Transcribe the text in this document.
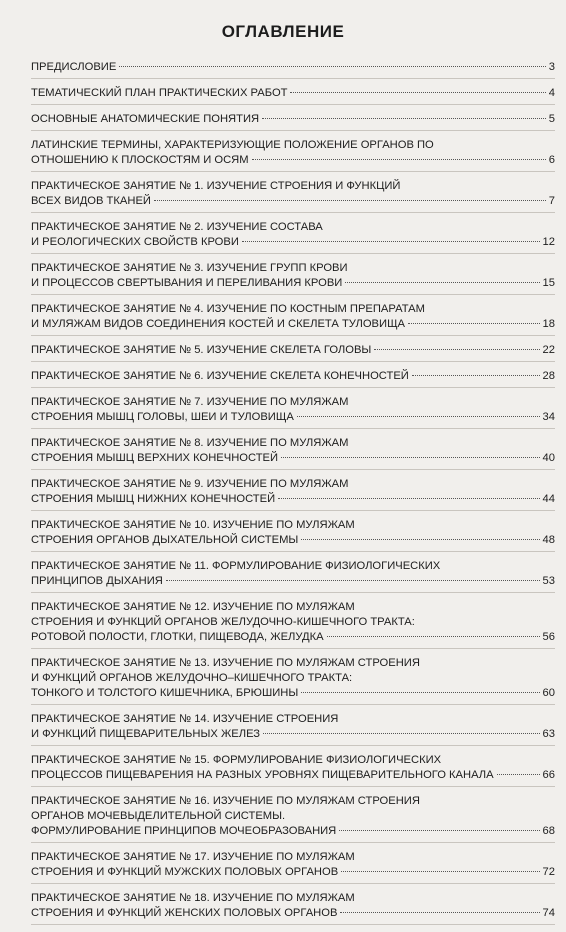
ОГЛАВЛЕНИЕ
ПРЕДИСЛОВИЕ	3
ТЕМАТИЧЕСКИЙ ПЛАН ПРАКТИЧЕСКИХ РАБОТ	4
ОСНОВНЫЕ АНАТОМИЧЕСКИЕ ПОНЯТИЯ	5
ЛАТИНСКИЕ ТЕРМИНЫ, ХАРАКТЕРИЗУЮЩИЕ ПОЛОЖЕНИЕ ОРГАНОВ ПО
ОТНОШЕНИЮ К ПЛОСКОСТЯМ И ОСЯМ	6
ПРАКТИЧЕСКОЕ ЗАНЯТИЕ № 1. ИЗУЧЕНИЕ СТРОЕНИЯ И ФУНКЦИЙ
ВСЕХ ВИДОВ ТКАНЕЙ	7
ПРАКТИЧЕСКОЕ ЗАНЯТИЕ № 2. ИЗУЧЕНИЕ СОСТАВА
И РЕОЛОГИЧЕСКИХ СВОЙСТВ КРОВИ	12
ПРАКТИЧЕСКОЕ ЗАНЯТИЕ № 3. ИЗУЧЕНИЕ ГРУПП КРОВИ
И ПРОЦЕССОВ СВЕРТЫВАНИЯ И ПЕРЕЛИВАНИЯ КРОВИ	15
ПРАКТИЧЕСКОЕ ЗАНЯТИЕ № 4. ИЗУЧЕНИЕ ПО КОСТНЫМ ПРЕПАРАТАМ
И МУЛЯЖАМ ВИДОВ СОЕДИНЕНИЯ КОСТЕЙ И СКЕЛЕТА ТУЛОВИЩА	18
ПРАКТИЧЕСКОЕ ЗАНЯТИЕ № 5. ИЗУЧЕНИЕ СКЕЛЕТА ГОЛОВЫ	22
ПРАКТИЧЕСКОЕ ЗАНЯТИЕ № 6. ИЗУЧЕНИЕ СКЕЛЕТА КОНЕЧНОСТЕЙ	28
ПРАКТИЧЕСКОЕ ЗАНЯТИЕ № 7. ИЗУЧЕНИЕ ПО МУЛЯЖАМ
СТРОЕНИЯ МЫШЦ ГОЛОВЫ, ШЕИ И ТУЛОВИЩА	34
ПРАКТИЧЕСКОЕ ЗАНЯТИЕ № 8. ИЗУЧЕНИЕ ПО МУЛЯЖАМ
СТРОЕНИЯ МЫШЦ ВЕРХНИХ КОНЕЧНОСТЕЙ	40
ПРАКТИЧЕСКОЕ ЗАНЯТИЕ № 9. ИЗУЧЕНИЕ ПО МУЛЯЖАМ
СТРОЕНИЯ МЫШЦ НИЖНИХ КОНЕЧНОСТЕЙ	44
ПРАКТИЧЕСКОЕ ЗАНЯТИЕ № 10. ИЗУЧЕНИЕ ПО МУЛЯЖАМ
СТРОЕНИЯ ОРГАНОВ ДЫХАТЕЛЬНОЙ СИСТЕМЫ	48
ПРАКТИЧЕСКОЕ ЗАНЯТИЕ № 11. ФОРМУЛИРОВАНИЕ ФИЗИОЛОГИЧЕСКИХ
ПРИНЦИПОВ ДЫХАНИЯ	53
ПРАКТИЧЕСКОЕ ЗАНЯТИЕ № 12. ИЗУЧЕНИЕ ПО МУЛЯЖАМ
СТРОЕНИЯ И ФУНКЦИЙ ОРГАНОВ ЖЕЛУДОЧНО-КИШЕЧНОГО ТРАКТА:
РОТОВОЙ ПОЛОСТИ, ГЛОТКИ, ПИЩЕВОДА, ЖЕЛУДКА	56
ПРАКТИЧЕСКОЕ ЗАНЯТИЕ № 13. ИЗУЧЕНИЕ ПО МУЛЯЖАМ СТРОЕНИЯ
И ФУНКЦИЙ ОРГАНОВ ЖЕЛУДОЧНО–КИШЕЧНОГО ТРАКТА:
ТОНКОГО И ТОЛСТОГО КИШЕЧНИКА, БРЮШИНЫ	60
ПРАКТИЧЕСКОЕ ЗАНЯТИЕ № 14. ИЗУЧЕНИЕ СТРОЕНИЯ
И ФУНКЦИЙ ПИЩЕВАРИТЕЛЬНЫХ ЖЕЛЕЗ	63
ПРАКТИЧЕСКОЕ ЗАНЯТИЕ № 15. ФОРМУЛИРОВАНИЕ ФИЗИОЛОГИЧЕСКИХ
ПРОЦЕССОВ ПИЩЕВАРЕНИЯ НА РАЗНЫХ УРОВНЯХ ПИЩЕВАРИТЕЛЬНОГО КАНАЛА	66
ПРАКТИЧЕСКОЕ ЗАНЯТИЕ № 16. ИЗУЧЕНИЕ ПО МУЛЯЖАМ СТРОЕНИЯ
ОРГАНОВ МОЧЕВЫДЕЛИТЕЛЬНОЙ СИСТЕМЫ.
ФОРМУЛИРОВАНИЕ ПРИНЦИПОВ МОЧЕОБРАЗОВАНИЯ	68
ПРАКТИЧЕСКОЕ ЗАНЯТИЕ № 17. ИЗУЧЕНИЕ ПО МУЛЯЖАМ
СТРОЕНИЯ И ФУНКЦИЙ МУЖСКИХ ПОЛОВЫХ ОРГАНОВ	72
ПРАКТИЧЕСКОЕ ЗАНЯТИЕ № 18. ИЗУЧЕНИЕ ПО МУЛЯЖАМ
СТРОЕНИЯ И ФУНКЦИЙ ЖЕНСКИХ ПОЛОВЫХ ОРГАНОВ	74
